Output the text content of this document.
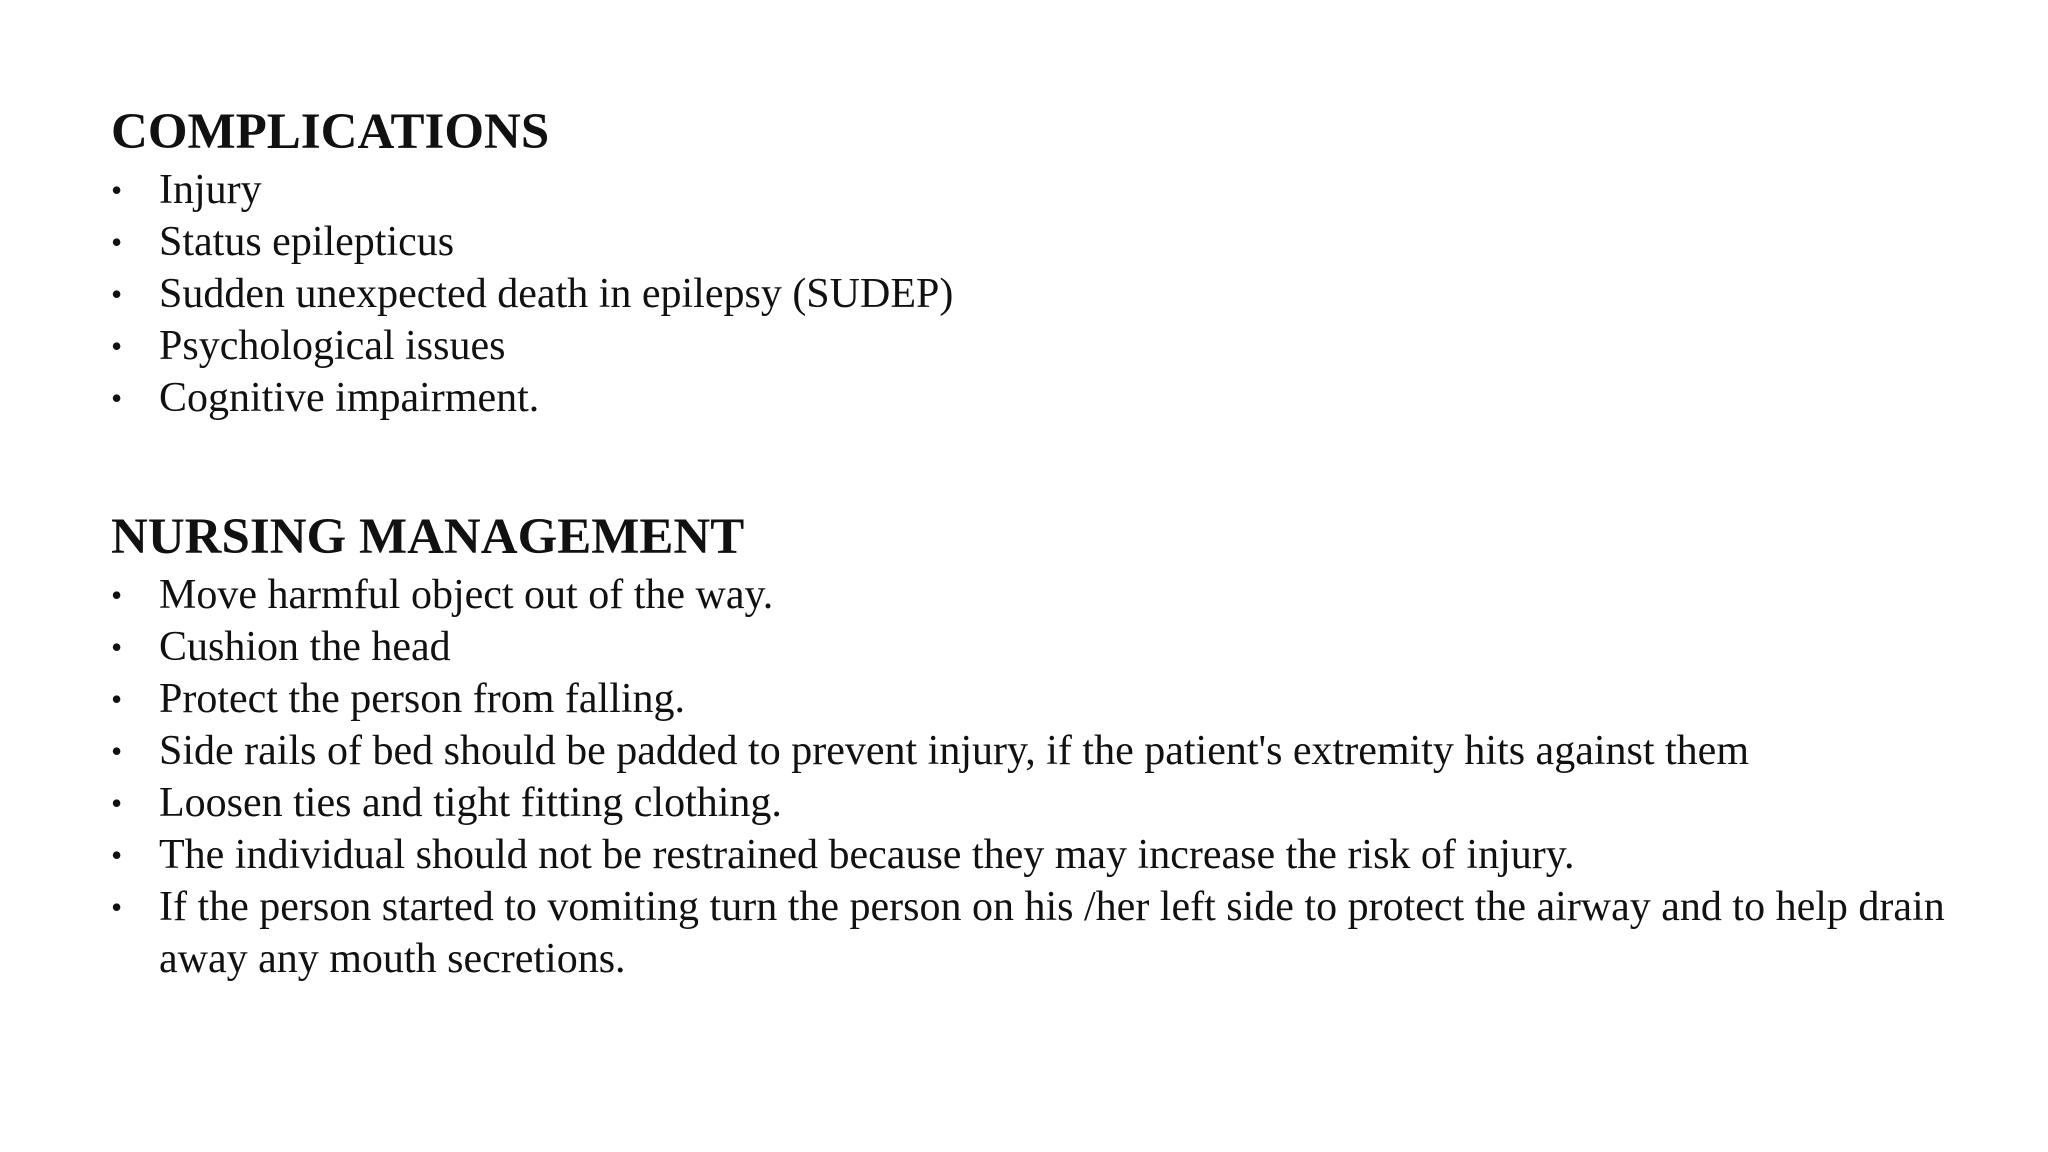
COMPLICATIONS
• Injury
• Status epilepticus
• Sudden unexpected death in epilepsy (SUDEP)
• Psychological issues
• Cognitive impairment.
NURSING MANAGEMENT
• Move harmful object out of the way.
• Cushion the head
• Protect the person from falling.
• Side rails of bed should be padded to prevent injury, if the patient's extremity hits against them
• Loosen ties and tight fitting clothing.
• The individual should not be restrained because they may increase the risk of injury.
• If the person started to vomiting turn the person on his /her left side to protect the airway and to help drain away any mouth secretions.
